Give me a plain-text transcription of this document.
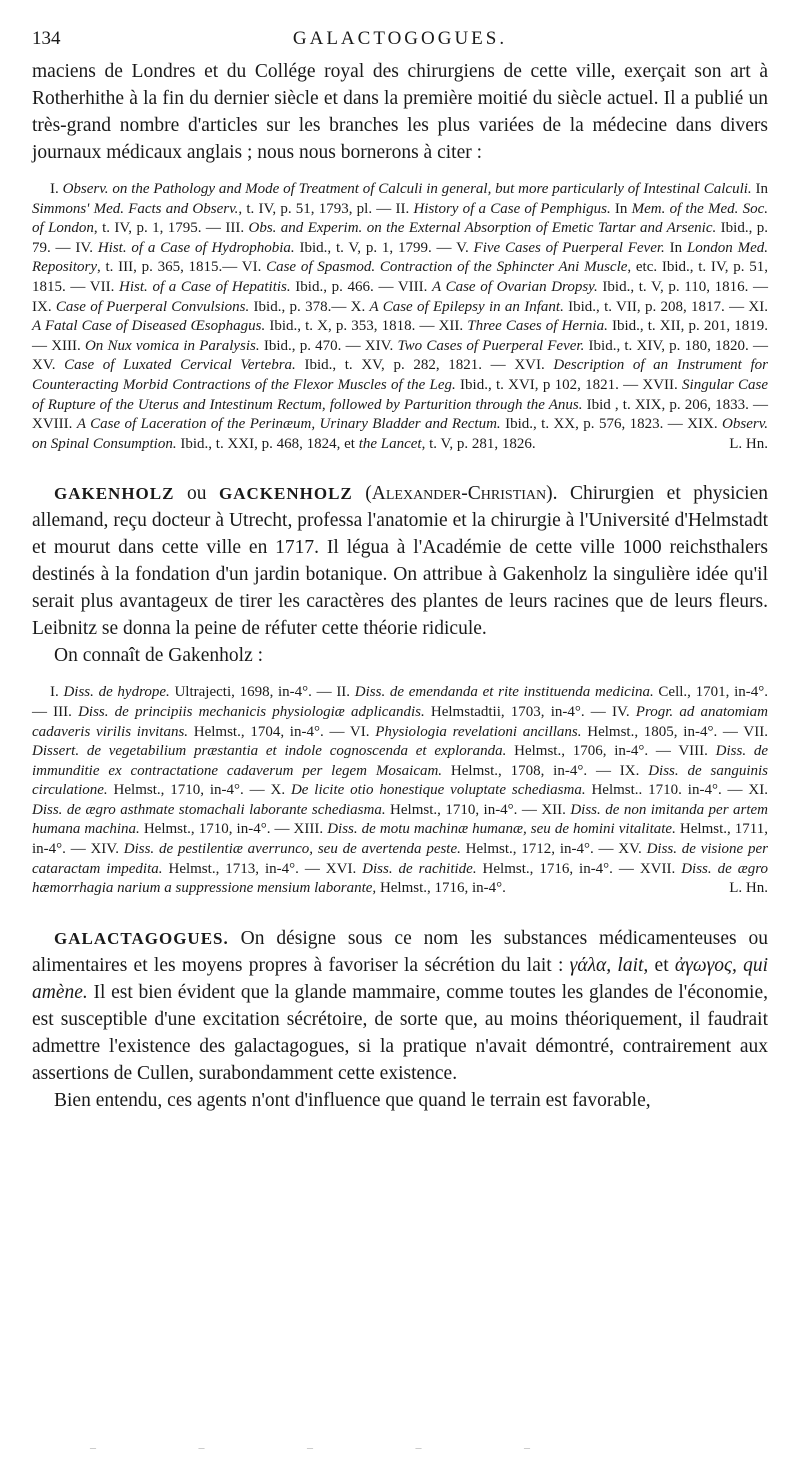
134	GALACTOGOGUES.

maciens de Londres et du Collége royal des chirurgiens de cette ville, exerçait son art à Rotherhithe à la fin du dernier siècle et dans la première moitié du siècle actuel. Il a publié un très-grand nombre d'articles sur les branches les plus variées de la médecine dans divers journaux médicaux anglais ; nous nous bornerons à citer :

I. Observ. on the Pathology and Mode of Treatment of Calculi in general, but more particularly of Intestinal Calculi. In Simmons' Med. Facts and Observ., t. IV, p. 51, 1793, pl. — II. History of a Case of Pemphigus. In Mem. of the Med. Soc. of London, t. IV, p. 1, 1795. — III. Obs. and Experim. on the External Absorption of Emetic Tartar and Arsenic. Ibid., p. 79. — IV. Hist. of a Case of Hydrophobia. Ibid., t. V, p. 1, 1799. — V. Five Cases of Puerperal Fever. In London Med. Repository, t. III, p. 365, 1815.— VI. Case of Spasmod. Contraction of the Sphincter Ani Muscle, etc. Ibid., t. IV, p. 51, 1815. — VII. Hist. of a Case of Hepatitis. Ibid., p. 466. — VIII. A Case of Ovarian Dropsy. Ibid., t. V, p. 110, 1816. — IX. Case of Puerperal Convulsions. Ibid., p. 378.— X. A Case of Epilepsy in an Infant. Ibid., t. VII, p. 208, 1817. — XI. A Fatal Case of Diseased Œsophagus. Ibid., t. X, p. 353, 1818. — XII. Three Cases of Hernia. Ibid., t. XII, p. 201, 1819.— XIII. On Nux vomica in Paralysis. Ibid., p. 470. — XIV. Two Cases of Puerperal Fever. Ibid., t. XIV, p. 180, 1820. — XV. Case of Luxated Cervical Vertebra. Ibid., t. XV, p. 282, 1821. — XVI. Description of an Instrument for Counteracting Morbid Contractions of the Flexor Muscles of the Leg. Ibid., t. XVI, p 102, 1821. — XVII. Singular Case of Rupture of the Uterus and Intestinum Rectum, followed by Parturition through the Anus. Ibid , t. XIX, p. 206, 1833. — XVIII. A Case of Laceration of the Perinæum, Urinary Bladder and Rectum. Ibid., t. XX, p. 576, 1823. — XIX. Observ. on Spinal Consumption. Ibid., t. XXI, p. 468, 1824, et the Lancet, t. V, p. 281, 1826.	L. Hn.

GAKENHOLZ ou GACKENHOLZ (Alexander-Christian). Chirurgien et physicien allemand, reçu docteur à Utrecht, professa l'anatomie et la chirurgie à l'Université d'Helmstadt et mourut dans cette ville en 1717. Il légua à l'Académie de cette ville 1000 reichsthalers destinés à la fondation d'un jardin botanique. On attribue à Gakenholz la singulière idée qu'il serait plus avantageux de tirer les caractères des plantes de leurs racines que de leurs fleurs. Leibnitz se donna la peine de réfuter cette théorie ridicule.

On connaît de Gakenholz :

I. Diss. de hydrope. Ultrajecti, 1698, in-4°. — II. Diss. de emendanda et rite instituenda medicina. Cell., 1701, in-4°. — III. Diss. de principiis mechanicis physiologiæ adplicandis. Helmstadtii, 1703, in-4°. — IV. Progr. ad anatomiam cadaveris virilis invitans. Helmst., 1704, in-4°. — VI. Physiologia revelationi ancillans. Helmst., 1805, in-4°. — VII. Dissert. de vegetabilium præstantia et indole cognoscenda et exploranda. Helmst., 1706, in-4°. — VIII. Diss. de immunditie ex contractatione cadaverum per legem Mosaicam. Helmst., 1708, in-4°. — IX. Diss. de sanguinis circulatione. Helmst., 1710, in-4°. — X. De licite otio honestique voluptate schediasma. Helmst.. 1710. in-4°. — XI. Diss. de ægro asthmate stomachali laborante schediasma. Helmst., 1710, in-4°. — XII. Diss. de non imitanda per artem humana machina. Helmst., 1710, in-4°. — XIII. Diss. de motu machinæ humanæ, seu de homini vitalitate. Helmst., 1711, in-4°. — XIV. Diss. de pestilentiæ averrunco, seu de avertenda peste. Helmst., 1712, in-4°. — XV. Diss. de visione per cataractam impedita. Helmst., 1713, in-4°. — XVI. Diss. de rachitide. Helmst., 1716, in-4°. — XVII. Diss. de ægro hæmorrhagia narium a suppressione mensium laborante, Helmst., 1716, in-4°.	L. Hn.

GALACTAGOGUES. On désigne sous ce nom les substances médicamenteuses ou alimentaires et les moyens propres à favoriser la sécrétion du lait : γάλα, lait, et ἀγωγος, qui amène. Il est bien évident que la glande mammaire, comme toutes les glandes de l'économie, est susceptible d'une excitation sécrétoire, de sorte que, au moins théoriquement, il faudrait admettre l'existence des galactagogues, si la pratique n'avait démontré, contrairement aux assertions de Cullen, surabondamment cette existence.

Bien entendu, ces agents n'ont d'influence que quand le terrain est favorable,

–	–	–	–	–
